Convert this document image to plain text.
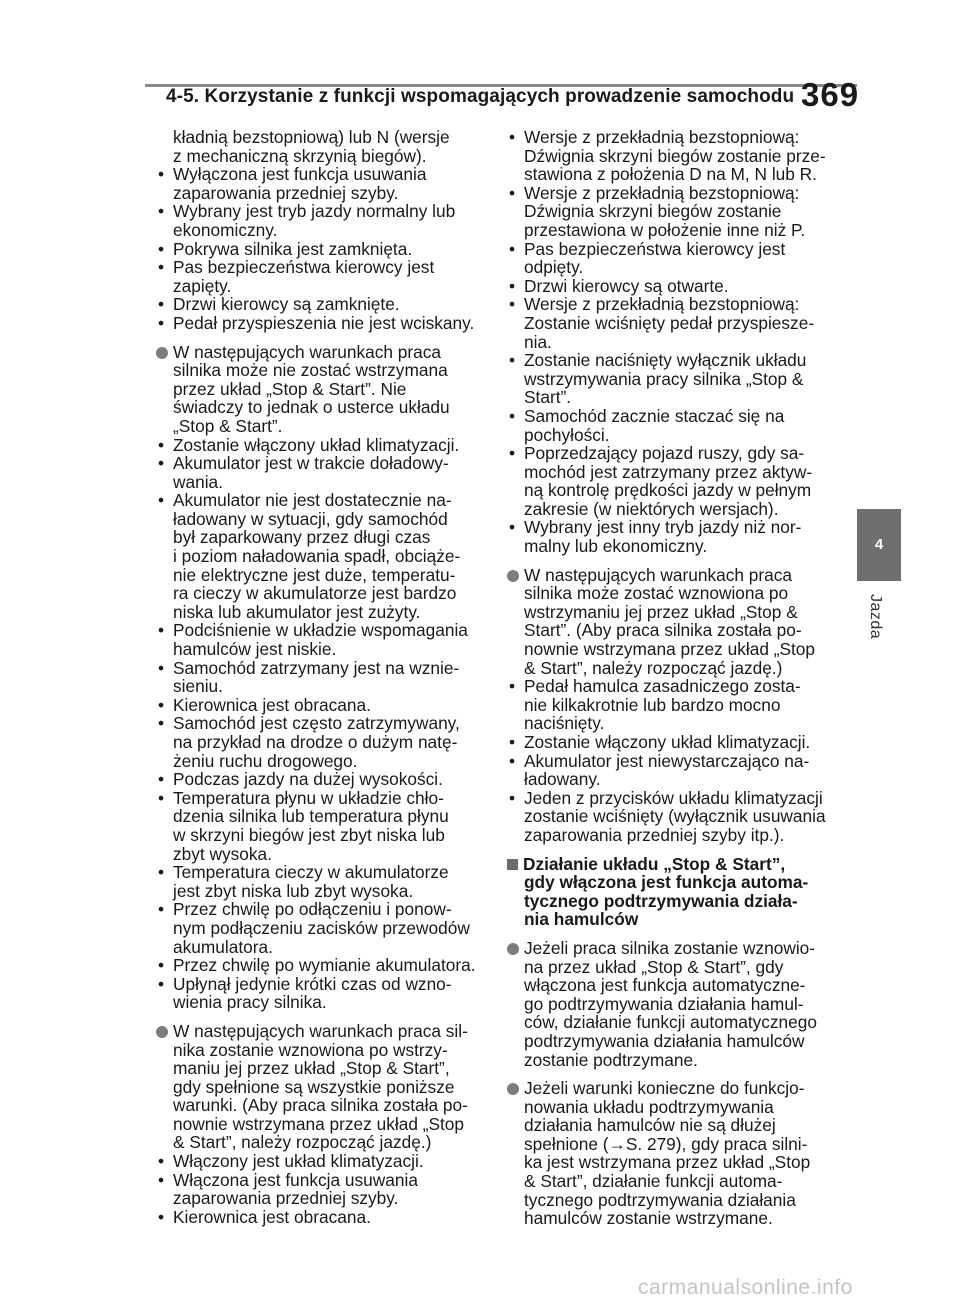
4-5. Korzystanie z funkcji wspomagających prowadzenie samochodu 369
kładnią bezstopniową) lub N (wersje
z mechaniczną skrzynią biegów).
• Wyłączona jest funkcja usuwania
zaparowania przedniej szyby.
• Wybrany jest tryb jazdy normalny lub
ekonomiczny.
• Pokrywa silnika jest zamknięta.
• Pas bezpieczeństwa kierowcy jest
zapięty.
• Drzwi kierowcy są zamknięte.
• Pedał przyspieszenia nie jest wciskany.
W następujących warunkach praca
silnika może nie zostać wstrzymana
przez układ „Stop & Start”. Nie
świadczy to jednak o usterce układu
„Stop & Start”.
• Zostanie włączony układ klimatyzacji.
• Akumulator jest w trakcie doładowy-
wania.
• Akumulator nie jest dostatecznie na-
ładowany w sytuacji, gdy samochód
był zaparkowany przez długi czas
i poziom naładowania spadł, obciąże-
nie elektryczne jest duże, temperatu-
ra cieczy w akumulatorze jest bardzo
niska lub akumulator jest zużyty.
• Podciśnienie w układzie wspomagania
hamulców jest niskie.
• Samochód zatrzymany jest na wznie-
sieniu.
• Kierownica jest obracana.
• Samochód jest często zatrzymywany,
na przykład na drodze o dużym natę-
żeniu ruchu drogowego.
• Podczas jazdy na dużej wysokości.
• Temperatura płynu w układzie chło-
dzenia silnika lub temperatura płynu
w skrzyni biegów jest zbyt niska lub
zbyt wysoka.
• Temperatura cieczy w akumulatorze
jest zbyt niska lub zbyt wysoka.
• Przez chwilę po odłączeniu i ponow-
nym podłączeniu zacisków przewodów
akumulatora.
• Przez chwilę po wymianie akumulatora.
• Upłynął jedynie krótki czas od wzno-
wienia pracy silnika.
W następujących warunkach praca sil-
nika zostanie wznowiona po wstrzy-
maniu jej przez układ „Stop & Start”,
gdy spełnione są wszystkie poniższe
warunki. (Aby praca silnika została po-
nownie wstrzymana przez układ „Stop
& Start”, należy rozpocząć jazdę.)
• Włączony jest układ klimatyzacji.
• Włączona jest funkcja usuwania
zaparowania przedniej szyby.
• Kierownica jest obracana.
• Wersje z przekładnią bezstopniową:
Dźwignia skrzyni biegów zostanie prze-
stawiona z położenia D na M, N lub R.
• Wersje z przekładnią bezstopniową:
Dźwignia skrzyni biegów zostanie
przestawiona w położenie inne niż P.
• Pas bezpieczeństwa kierowcy jest
odpięty.
• Drzwi kierowcy są otwarte.
• Wersje z przekładnią bezstopniową:
Zostanie wciśnięty pedał przyspiesze-
nia.
• Zostanie naciśnięty wyłącznik układu
wstrzymywania pracy silnika „Stop &
Start”.
• Samochód zacznie staczać się na
pochyłości.
• Poprzedzający pojazd ruszy, gdy sa-
mochód jest zatrzymany przez aktyw-
ną kontrolę prędkości jazdy w pełnym
zakresie (w niektórych wersjach).
• Wybrany jest inny tryb jazdy niż nor-
malny lub ekonomiczny.
W następujących warunkach praca
silnika może zostać wznowiona po
wstrzymaniu jej przez układ „Stop &
Start”. (Aby praca silnika została po-
nownie wstrzymana przez układ „Stop
& Start”, należy rozpocząć jazdę.)
• Pedał hamulca zasadniczego zosta-
nie kilkakrotnie lub bardzo mocno
naciśnięty.
• Zostanie włączony układ klimatyzacji.
• Akumulator jest niewystarczająco na-
ładowany.
• Jeden z przycisków układu klimatyzacji
zostanie wciśnięty (wyłącznik usuwania
zaparowania przedniej szyby itp.).
Działanie układu „Stop & Start”,
gdy włączona jest funkcja automa-
tycznego podtrzymywania działa-
nia hamulców
Jeżeli praca silnika zostanie wznowio-
na przez układ „Stop & Start”, gdy
włączona jest funkcja automatyczne-
go podtrzymywania działania hamul-
ców, działanie funkcji automatycznego
podtrzymywania działania hamulców
zostanie podtrzymane.
Jeżeli warunki konieczne do funkcjo-
nowania układu podtrzymywania
działania hamulców nie są dłużej
spełnione (→S. 279), gdy praca silni-
ka jest wstrzymana przez układ „Stop
& Start”, działanie funkcji automa-
tycznego podtrzymywania działania
hamulców zostanie wstrzymane.
4
Jazda
carmanualsonline.info
